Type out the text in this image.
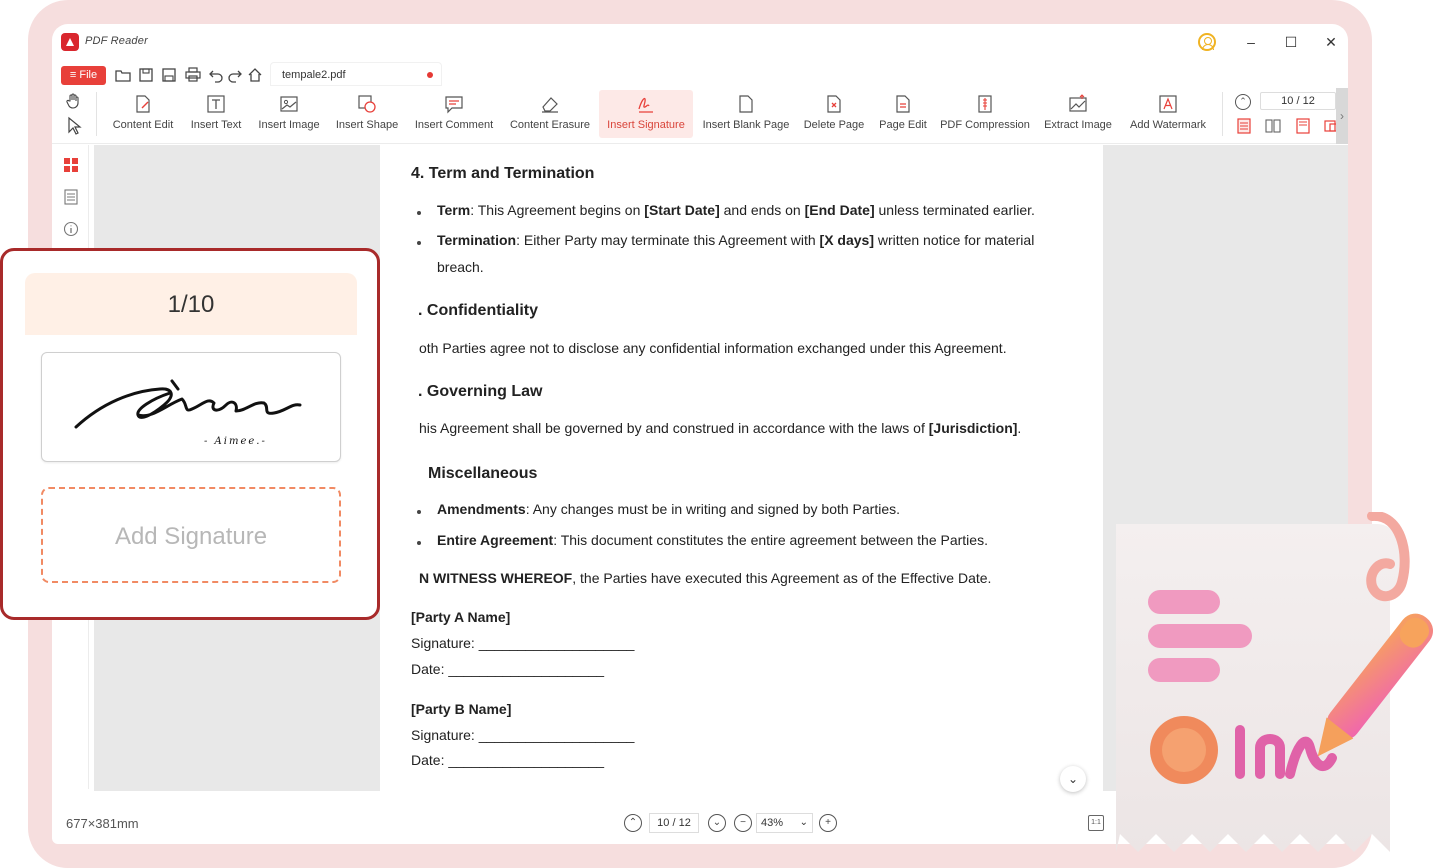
PDF Reader	–	☐ ✕
≡ File	tempale2.pdf
Content Edit	Insert Text	Insert Image	Insert Shape	Insert Comment	Content Erasure	Insert Signature	Insert Blank Page	Delete Page	Page Edit	PDF Compression	Extract Image	Add Watermark
⌃	10 / 12
›
4. Term and Termination
Term: This Agreement begins on [Start Date] and ends on [End Date] unless terminated earlier.
Termination: Either Party may terminate this Agreement with [X days] written notice for material
breach.
. Confidentiality
oth Parties agree not to disclose any confidential information exchanged under this Agreement.
. Governing Law
his Agreement shall be governed by and construed in accordance with the laws of [Jurisdiction].
Miscellaneous
Amendments: Any changes must be in writing and signed by both Parties.
Entire Agreement: This document constitutes the entire agreement between the Parties.
N WITNESS WHEREOF, the Parties have executed this Agreement as of the Effective Date.
[Party A Name]
Signature: ____________________
Date: ____________________
[Party B Name]
Signature: ____________________
Date: ____________________
⌄
677×381mm	⌃	10 / 12	⌄	−	43% ⌄	+	1:1
1/10
- Aimee.-
Add Signature
